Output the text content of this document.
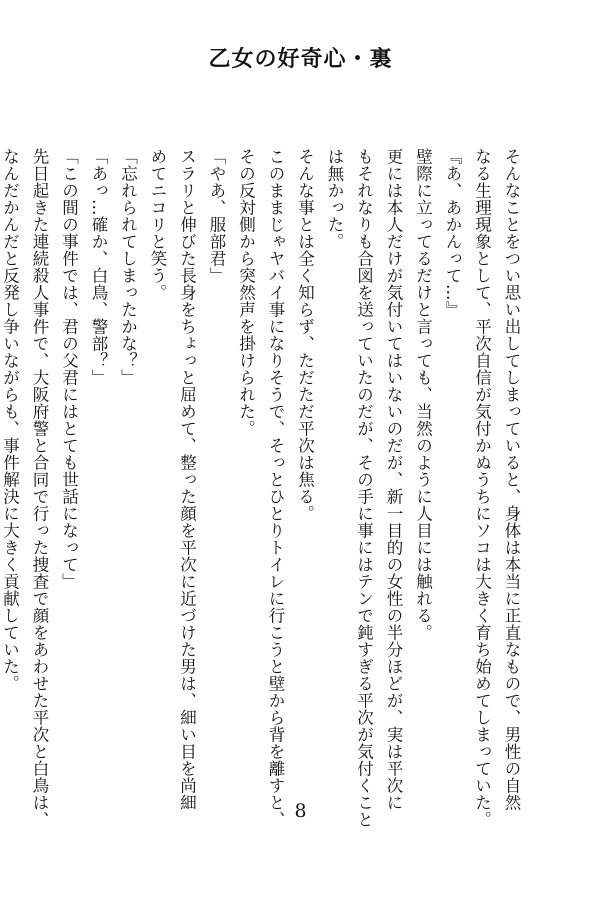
乙女の好奇心・裏
そんなことをつい思い出してしまっていると、身体は本当に正直なもので、男性の自然
なる生理現象として、平次自信が気付かぬうちにソコは大きく育ち始めてしまっていた。
『あ、あかんって…』
壁際に立ってるだけと言っても、当然のように人目には触れる。
更には本人だけが気付いてはいないのだが、新一目的の女性の半分ほどが、実は平次に
もそれなりも合図を送っていたのだが、その手に事にはテンで鈍すぎる平次が気付くこと
は無かった。
そんな事とは全く知らず、ただただ平次は焦る。
このままじゃヤバイ事になりそうで、そっとひとりトイレに行こうと壁から背を離すと、
その反対側から突然声を掛けられた。
「やあ、服部君」
スラリと伸びた長身をちょっと屈めて、整った顔を平次に近づけた男は、細い目を尚細
めてニコリと笑う。
「忘れられてしまったかな？」
「あっ…確か、白鳥、警部？」
「この間の事件では、君の父君にはとても世話になって」
先日起きた連続殺人事件で、大阪府警と合同で行った捜査で顔をあわせた平次と白鳥は、
なんだかんだと反発し争いながらも、事件解決に大きく貢献していた。
8
